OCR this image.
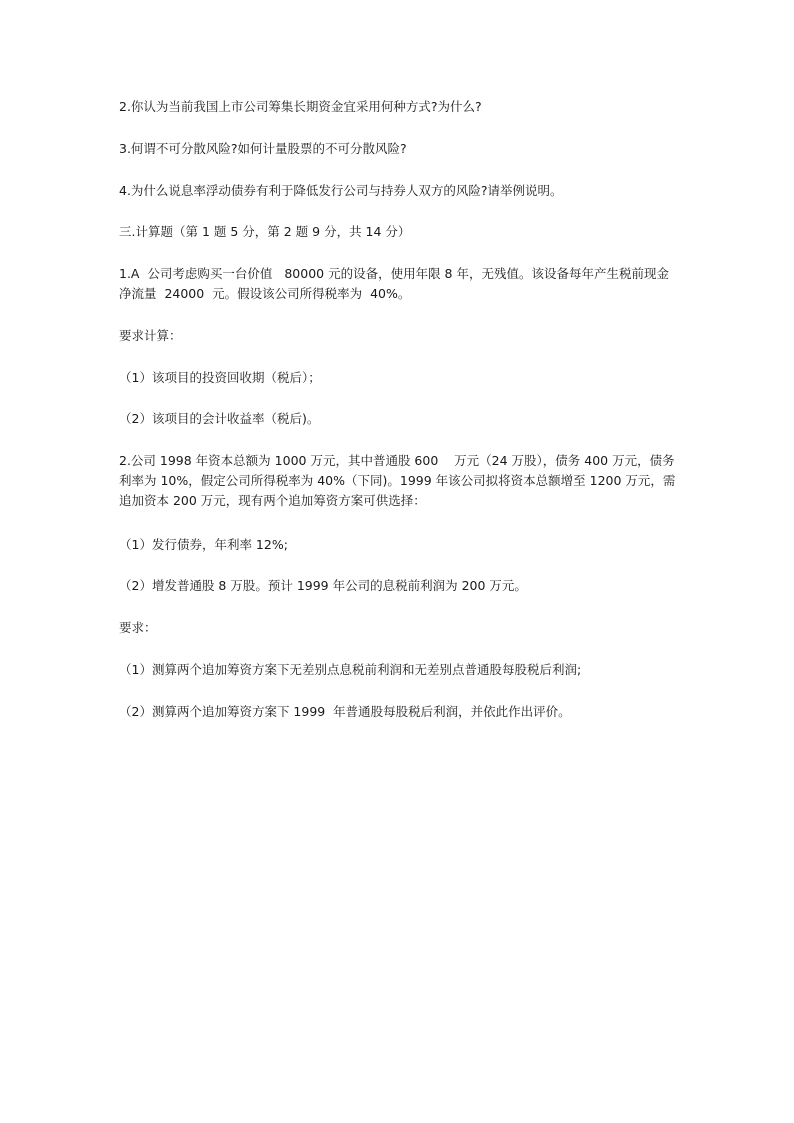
2.你认为当前我国上市公司筹集长期资金宜采用何种方式?为什么?

3.何谓不可分散风险?如何计量股票的不可分散风险?

4.为什么说息率浮动债券有利于降低发行公司与持券人双方的风险?请举例说明。

三.计算题（第 1 题 5 分，第 2 题 9 分，共 14 分）

1.A  公司考虑购买一台价值   80000 元的设备，使用年限 8 年，无残值。该设备每年产生税前现金净流量  24000  元。假设该公司所得税率为  40%。

要求计算：

（1）该项目的投资回收期（税后）；

（2）该项目的会计收益率（税后)。

2.公司 1998 年资本总额为 1000 万元，其中普通股 600    万元（24 万股），债务 400 万元，债务利率为 10%，假定公司所得税率为 40%（下同)。1999 年该公司拟将资本总额增至 1200 万元，需追加资本 200 万元，现有两个追加筹资方案可供选择：

（1）发行债券，年利率 12%;

（2）增发普通股 8 万股。预计 1999 年公司的息税前利润为 200 万元。

要求：

（1）测算两个追加筹资方案下无差别点息税前利润和无差别点普通股每股税后利润;

（2）测算两个追加筹资方案下 1999  年普通股每股税后利润，并依此作出评价。
